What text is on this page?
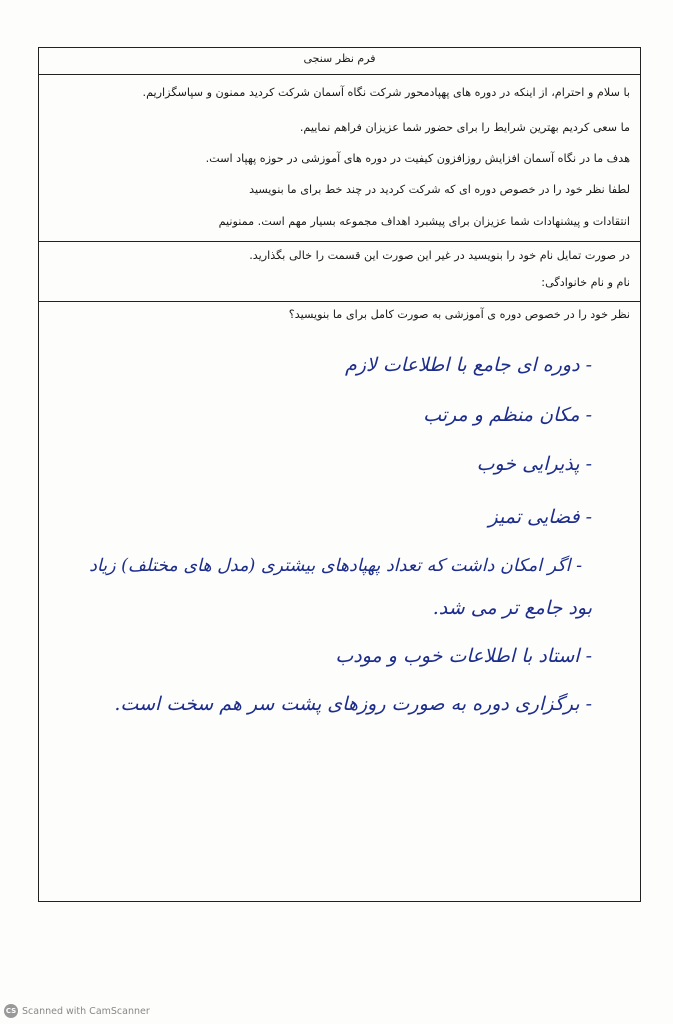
فرم نظر سنجی
با سلام و احترام، از اینکه در دوره های پهپادمحور شرکت نگاه آسمان شرکت کردید ممنون و سپاسگزاریم.
ما سعی کردیم بهترین شرایط را برای حضور شما عزیزان فراهم نماییم.
هدف ما در نگاه آسمان افزایش روزافزون کیفیت در دوره های آموزشی در حوزه پهپاد است.
لطفا نظر خود را در خصوص دوره ای که شرکت کردید در چند خط برای ما بنویسید
انتقادات و پیشنهادات شما عزیزان برای پیشبرد اهداف مجموعه بسیار مهم است. ممنونیم
در صورت تمایل نام خود را بنویسید در غیر این صورت این قسمت را خالی بگذارید.
نام و نام خانوادگی:
نظر خود را در خصوص دوره ی آموزشی به صورت کامل برای ما بنویسید؟
- دوره ای جامع با اطلاعات لازم
- مکان منظم و مرتب
- پذیرایی خوب
- فضایی تمیز
- اگر امکان داشت که تعداد پهپادهای بیشتری (مدل های مختلف) زیاد
بود جامع تر می شد.
- استاد با اطلاعات خوب و مودب
- برگزاری دوره به صورت روزهای پشت سر هم سخت است.
CS Scanned with CamScanner
